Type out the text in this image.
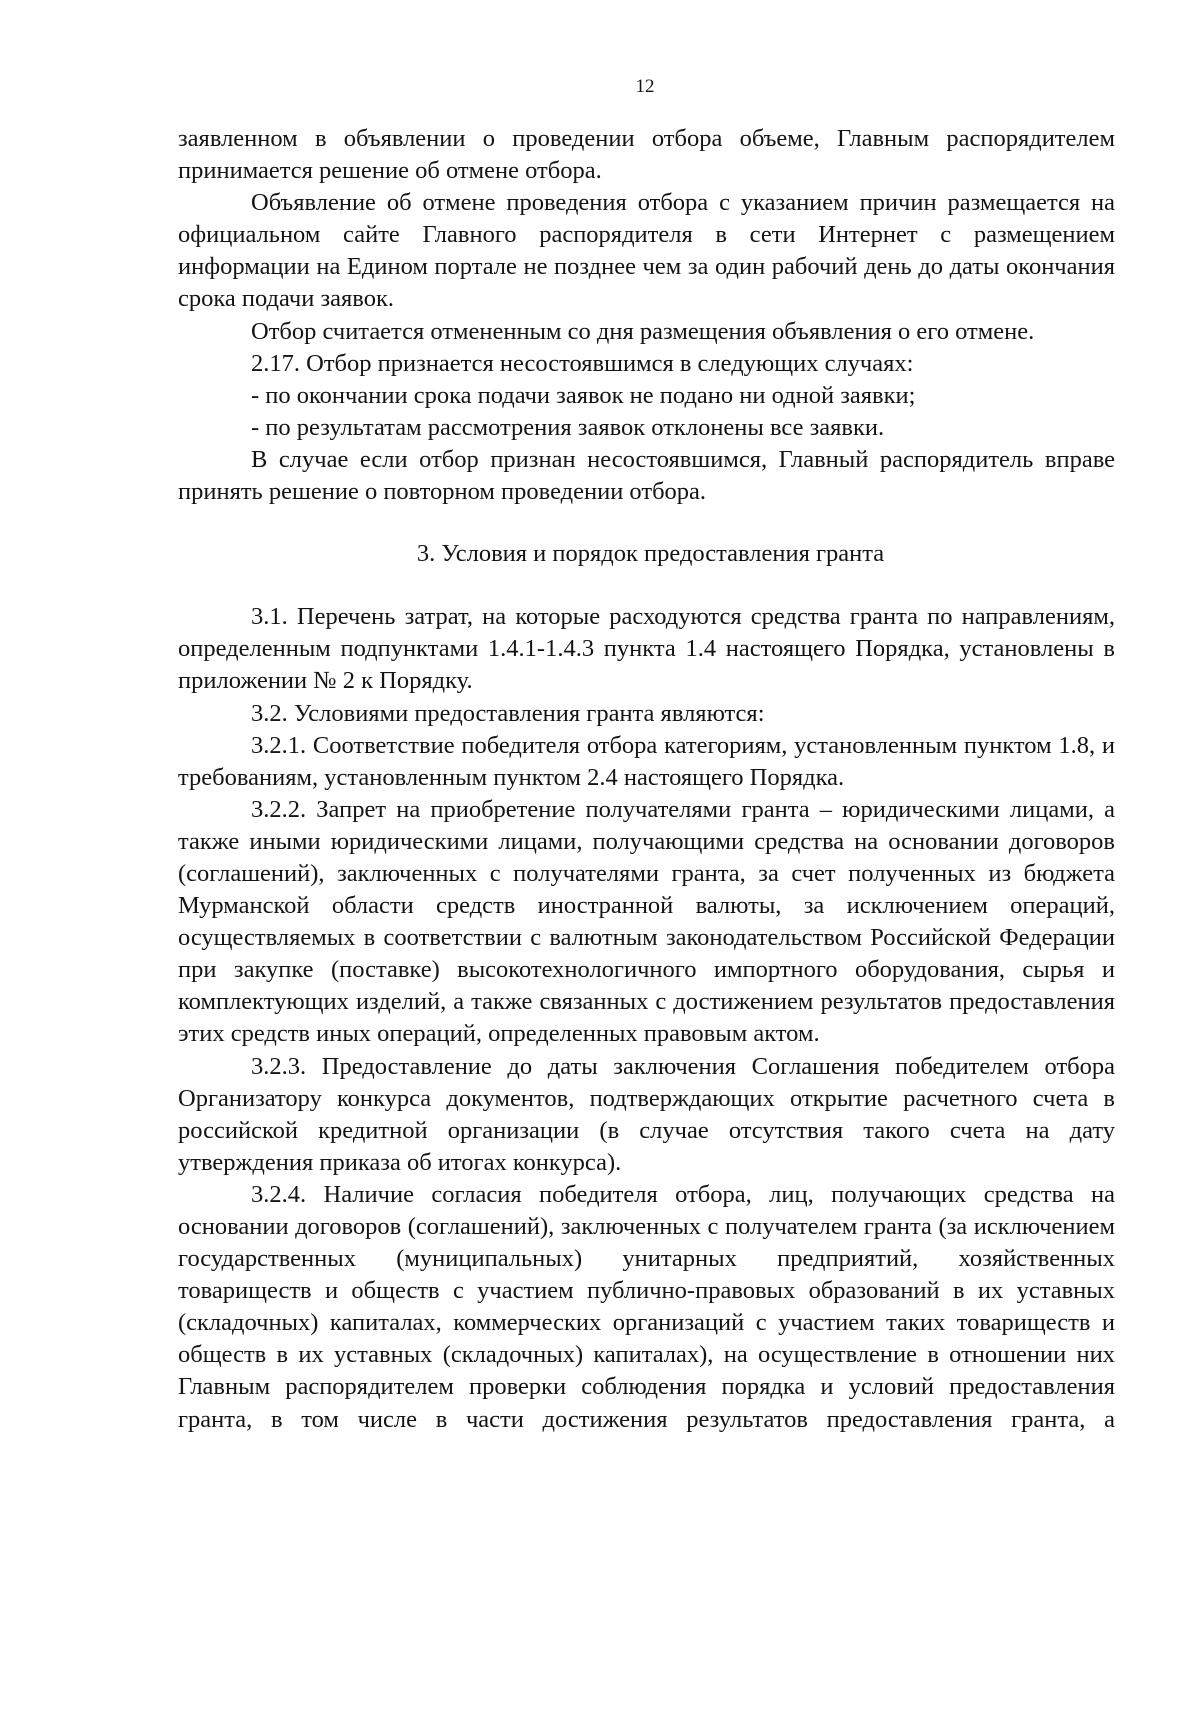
12

заявленном в объявлении о проведении отбора объеме, Главным распорядителем принимается решение об отмене отбора.

Объявление об отмене проведения отбора с указанием причин размещается на официальном сайте Главного распорядителя в сети Интернет с размещением информации на Едином портале не позднее чем за один рабочий день до даты окончания срока подачи заявок.

Отбор считается отмененным со дня размещения объявления о его отмене.

2.17. Отбор признается несостоявшимся в следующих случаях:

- по окончании срока подачи заявок не подано ни одной заявки;

- по результатам рассмотрения заявок отклонены все заявки.

В случае если отбор признан несостоявшимся, Главный распорядитель вправе принять решение о повторном проведении отбора.

3. Условия и порядок предоставления гранта

3.1. Перечень затрат, на которые расходуются средства гранта по направлениям, определенным подпунктами 1.4.1-1.4.3 пункта 1.4 настоящего Порядка, установлены в приложении № 2 к Порядку.

3.2. Условиями предоставления гранта являются:

3.2.1. Соответствие победителя отбора категориям, установленным пунктом 1.8, и требованиям, установленным пунктом 2.4 настоящего Порядка.

3.2.2. Запрет на приобретение получателями гранта – юридическими лицами, а также иными юридическими лицами, получающими средства на основании договоров (соглашений), заключенных с получателями гранта, за счет полученных из бюджета Мурманской области средств иностранной валюты, за исключением операций, осуществляемых в соответствии с валютным законодательством Российской Федерации при закупке (поставке) высокотехнологичного импортного оборудования, сырья и комплектующих изделий, а также связанных с достижением результатов предоставления этих средств иных операций, определенных правовым актом.

3.2.3. Предоставление до даты заключения Соглашения победителем отбора Организатору конкурса документов, подтверждающих открытие расчетного счета в российской кредитной организации (в случае отсутствия такого счета на дату утверждения приказа об итогах конкурса).

3.2.4. Наличие согласия победителя отбора, лиц, получающих средства на основании договоров (соглашений), заключенных с получателем гранта (за исключением государственных (муниципальных) унитарных предприятий, хозяйственных товариществ и обществ с участием публично-правовых образований в их уставных (складочных) капиталах, коммерческих организаций с участием таких товариществ и обществ в их уставных (складочных) капиталах), на осуществление в отношении них Главным распорядителем проверки соблюдения порядка и условий предоставления гранта, в том числе в части достижения результатов предоставления гранта, а
